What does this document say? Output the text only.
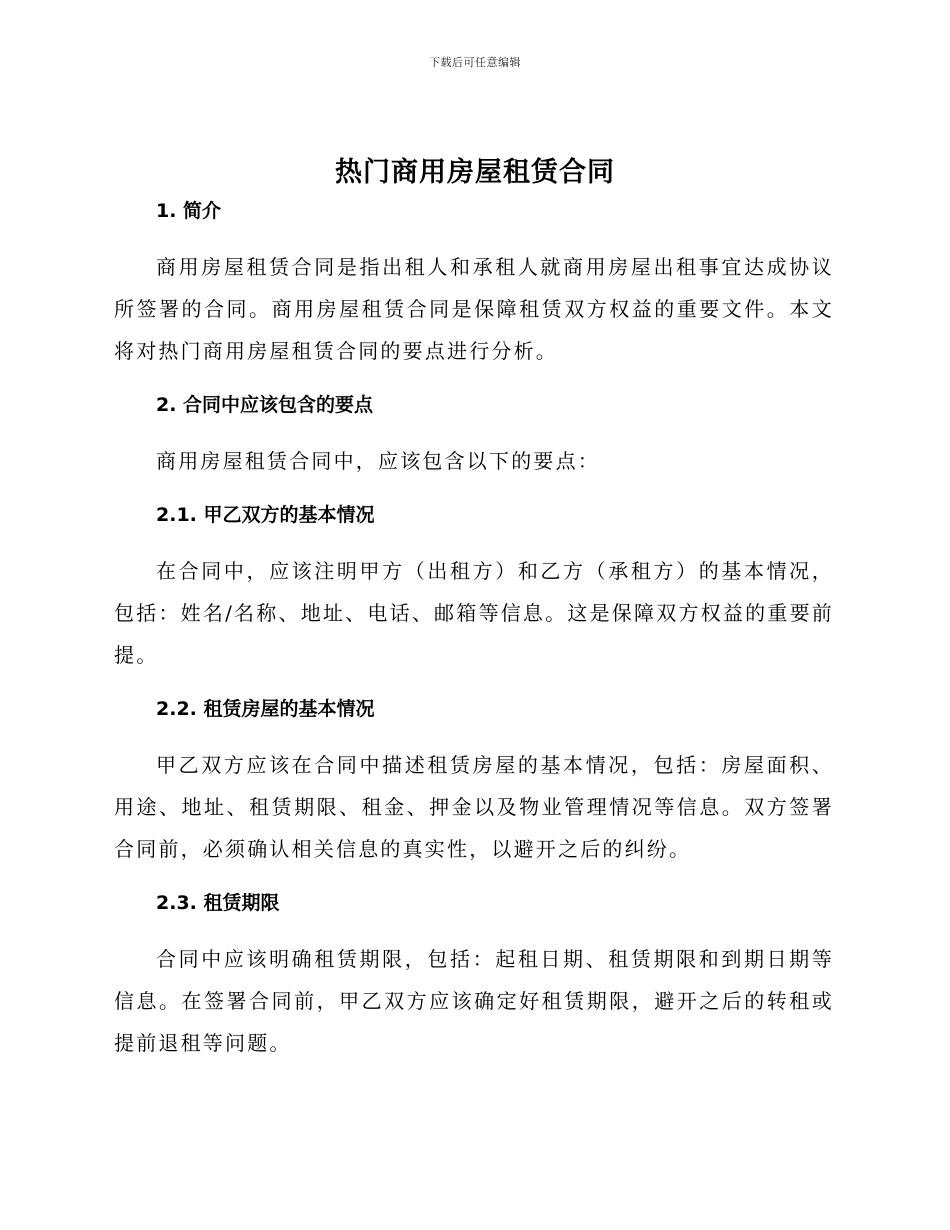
下载后可任意编辑
热门商用房屋租赁合同
1. 简介

商用房屋租赁合同是指出租人和承租人就商用房屋出租事宜达成协议所签署的合同。商用房屋租赁合同是保障租赁双方权益的重要文件。本文将对热门商用房屋租赁合同的要点进行分析。

2. 合同中应该包含的要点

商用房屋租赁合同中，应该包含以下的要点：

2.1. 甲乙双方的基本情况

在合同中，应该注明甲方（出租方）和乙方（承租方）的基本情况，包括：姓名/名称、地址、电话、邮箱等信息。这是保障双方权益的重要前提。

2.2. 租赁房屋的基本情况

甲乙双方应该在合同中描述租赁房屋的基本情况，包括：房屋面积、用途、地址、租赁期限、租金、押金以及物业管理情况等信息。双方签署合同前，必须确认相关信息的真实性，以避开之后的纠纷。

2.3. 租赁期限

合同中应该明确租赁期限，包括：起租日期、租赁期限和到期日期等信息。在签署合同前，甲乙双方应该确定好租赁期限，避开之后的转租或提前退租等问题。
